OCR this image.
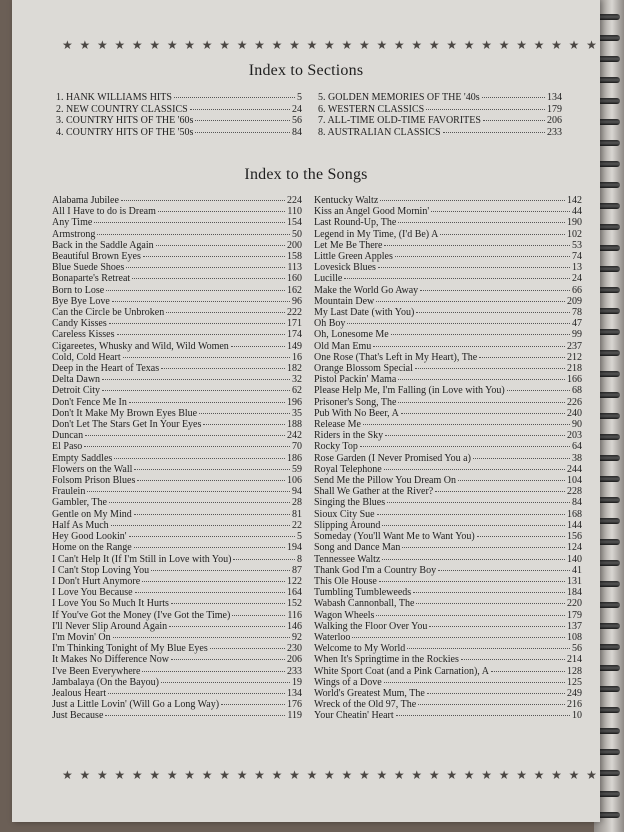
★ ★ ★ ★ ★ ★ ★ ★ ★ ★ ★ ★ ★ ★ ★ ★ ★ ★ ★ ★ ★ ★ ★ ★ ★ ★ ★ ★ ★ ★ ★
Index to Sections
1. HANK WILLIAMS HITS	5
2. NEW COUNTRY CLASSICS	24
3. COUNTRY HITS OF THE '60s	56
4. COUNTRY HITS OF THE '50s	84
5. GOLDEN MEMORIES OF THE '40s	134
6. WESTERN CLASSICS	179
7. ALL-TIME OLD-TIME FAVORITES	206
8. AUSTRALIAN CLASSICS	233
Index to the Songs
Alabama Jubilee	224
All I Have to do is Dream	110
Any Time	154
Armstrong	50
Back in the Saddle Again	200
Beautiful Brown Eyes	158
Blue Suede Shoes	113
Bonaparte's Retreat	160
Born to Lose	162
Bye Bye Love	96
Can the Circle be Unbroken	222
Candy Kisses	171
Careless Kisses	174
Cigareetes, Whusky and Wild, Wild Women	149
Cold, Cold Heart	16
Deep in the Heart of Texas	182
Delta Dawn	32
Detroit City	62
Don't Fence Me In	196
Don't It Make My Brown Eyes Blue	35
Don't Let The Stars Get In Your Eyes	188
Duncan	242
El Paso	70
Empty Saddles	186
Flowers on the Wall	59
Folsom Prison Blues	106
Fraulein	94
Gambler, The	28
Gentle on My Mind	81
Half As Much	22
Hey Good Lookin'	5
Home on the Range	194
I Can't Help It (If I'm Still in Love with You)	8
I Can't Stop Loving You	87
I Don't Hurt Anymore	122
I Love You Because	164
I Love You So Much It Hurts	152
If You've Got the Money (I've Got the Time)	116
I'll Never Slip Around Again	146
I'm Movin' On	92
I'm Thinking Tonight of My Blue Eyes	230
It Makes No Difference Now	206
I've Been Everywhere	233
Jambalaya (On the Bayou)	19
Jealous Heart	134
Just a Little Lovin' (Will Go a Long Way)	176
Just Because	119
Kentucky Waltz	142
Kiss an Angel Good Mornin'	44
Last Round-Up, The	190
Legend in My Time, (I'd Be) A	102
Let Me Be There	53
Little Green Apples	74
Lovesick Blues	13
Lucille	24
Make the World Go Away	66
Mountain Dew	209
My Last Date (with You)	78
Oh Boy	47
Oh, Lonesome Me	99
Old Man Emu	237
One Rose (That's Left in My Heart), The	212
Orange Blossom Special	218
Pistol Packin' Mama	166
Please Help Me, I'm Falling (in Love with You)	68
Prisoner's Song, The	226
Pub With No Beer, A	240
Release Me	90
Riders in the Sky	203
Rocky Top	64
Rose Garden (I Never Promised You a)	38
Royal Telephone	244
Send Me the Pillow You Dream On	104
Shall We Gather at the River?	228
Singing the Blues	84
Sioux City Sue	168
Slipping Around	144
Someday (You'll Want Me to Want You)	156
Song and Dance Man	124
Tennessee Waltz	140
Thank God I'm a Country Boy	41
This Ole House	131
Tumbling Tumbleweeds	184
Wabash Cannonball, The	220
Wagon Wheels	179
Walking the Floor Over You	137
Waterloo	108
Welcome to My World	56
When It's Springtime in the Rockies	214
White Sport Coat (and a Pink Carnation), A	128
Wings of a Dove	125
World's Greatest Mum, The	249
Wreck of the Old 97, The	216
Your Cheatin' Heart	10
★ ★ ★ ★ ★ ★ ★ ★ ★ ★ ★ ★ ★ ★ ★ ★ ★ ★ ★ ★ ★ ★ ★ ★ ★ ★ ★ ★ ★ ★ ★
